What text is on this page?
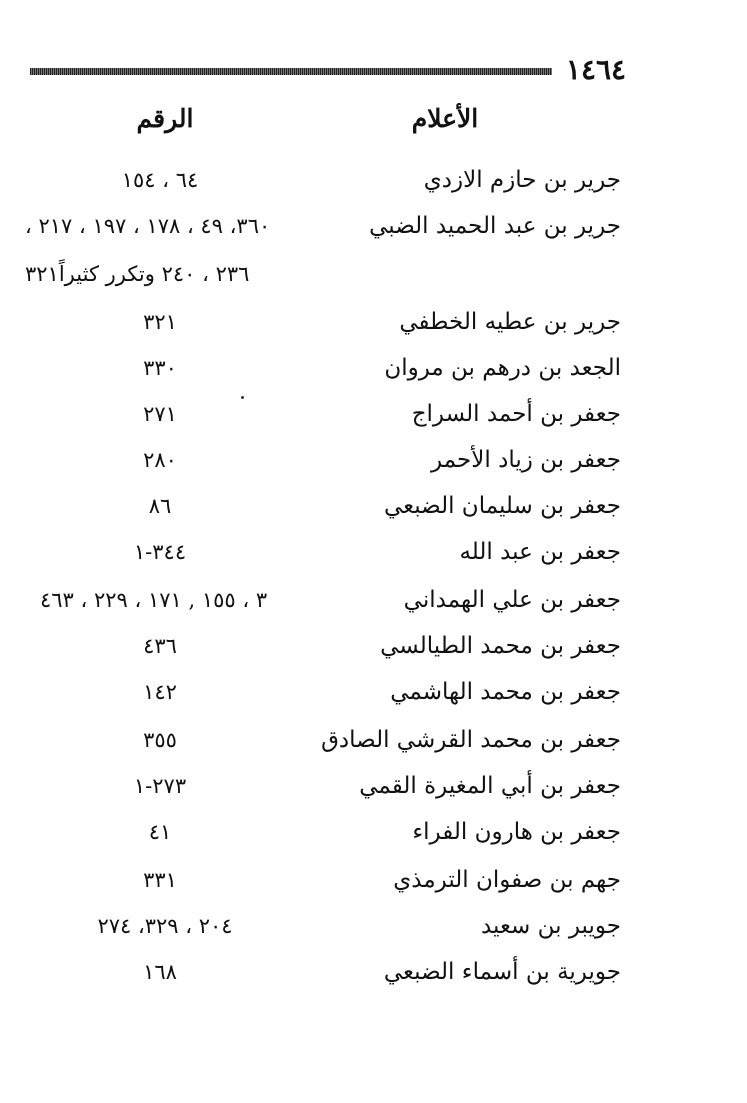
١٤٦٤
الأعلام
الرقم
جرير بن حازم الازدي
٦٤ ، ١٥٤
جرير بن عبد الحميد الضبي
٣٦٠، ٤٩ ، ١٧٨ ، ١٩٧ ، ٢١٧ ،
٢٣٦ ، ٢٤٠ وتكرر كثيراً٣٢١
جرير بن عطيه الخطفي
٣٢١
الجعد بن درهم بن مروان
٣٣٠
جعفر بن أحمد السراج
٢٧١
جعفر بن زياد الأحمر
٢٨٠
جعفر بن سليمان الضبعي
٨٦
جعفر بن عبد الله
٣٤٤-١
جعفر بن علي الهمداني
٣ ، ١٥٥ , ١٧١ ، ٢٢٩ ، ٤٦٣
جعفر بن محمد الطيالسي
٤٣٦
جعفر بن محمد الهاشمي
١٤٢
جعفر بن محمد القرشي الصادق
٣٥٥
جعفر بن أبي المغيرة القمي
٢٧٣-١
جعفر بن هارون الفراء
٤١
جهم بن صفوان الترمذي
٣٣١
جويبر بن سعيد
٢٠٤ ، ٣٢٩، ٢٧٤
جويرية بن أسماء الضبعي
١٦٨
